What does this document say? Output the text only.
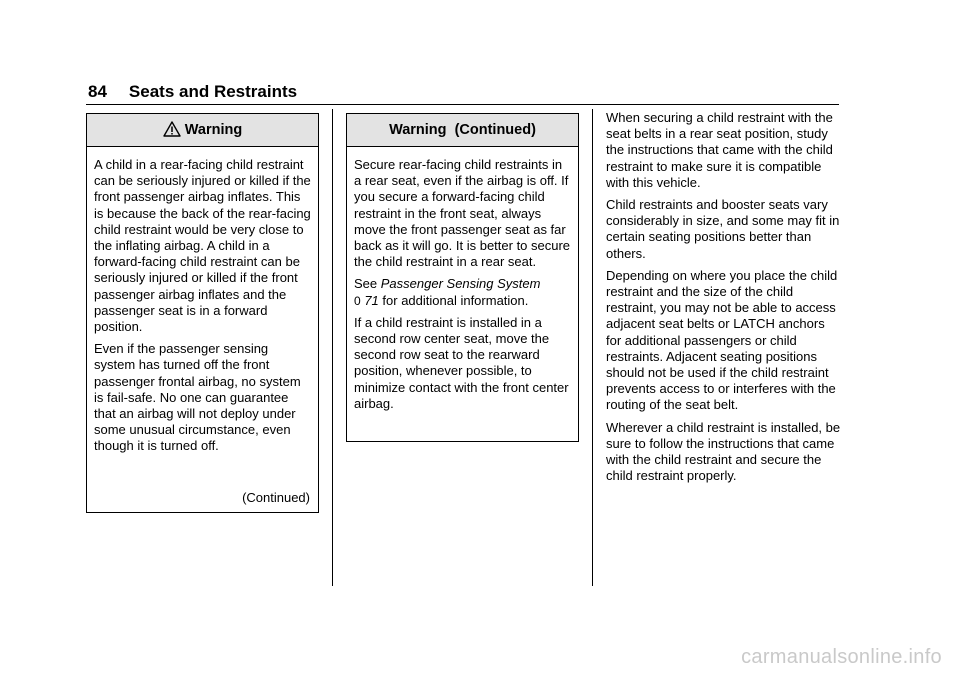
84 Seats and Restraints
Warning

A child in a rear-facing child restraint can be seriously injured or killed if the front passenger airbag inflates. This is because the back of the rear-facing child restraint would be very close to the inflating airbag. A child in a forward-facing child restraint can be seriously injured or killed if the front passenger airbag inflates and the passenger seat is in a forward position.

Even if the passenger sensing system has turned off the front passenger frontal airbag, no system is fail-safe. No one can guarantee that an airbag will not deploy under some unusual circumstance, even though it is turned off.

(Continued)
Warning  (Continued)

Secure rear-facing child restraints in a rear seat, even if the airbag is off. If you secure a forward-facing child restraint in the front seat, always move the front passenger seat as far back as it will go. It is better to secure the child restraint in a rear seat.

See Passenger Sensing System
0 71 for additional information.

If a child restraint is installed in a second row center seat, move the second row seat to the rearward position, whenever possible, to minimize contact with the front center airbag.

When securing a child restraint with the seat belts in a rear seat position, study the instructions that came with the child restraint to make sure it is compatible with this vehicle.

Child restraints and booster seats vary considerably in size, and some may fit in certain seating positions better than others.

Depending on where you place the child restraint and the size of the child restraint, you may not be able to access adjacent seat belts or LATCH anchors for additional passengers or child restraints. Adjacent seating positions should not be used if the child restraint prevents access to or interferes with the routing of the seat belt.

Wherever a child restraint is installed, be sure to follow the instructions that came with the child restraint and secure the child restraint properly.

carmanualsonline.info
